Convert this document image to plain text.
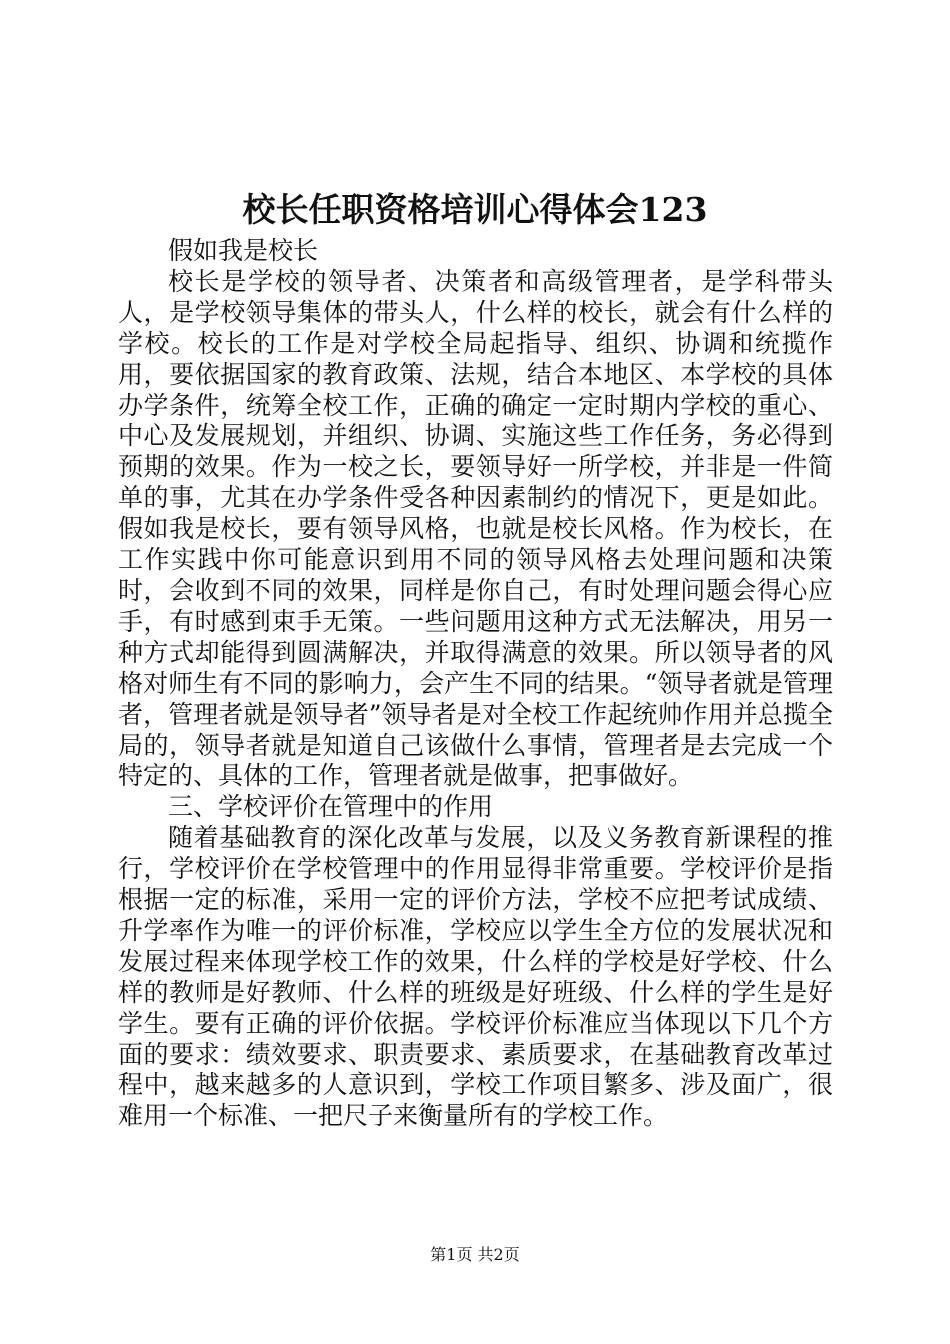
校长任职资格培训心得体会123

假如我是校长

校长是学校的领导者、决策者和高级管理者，是学科带头人，是学校领导集体的带头人，什么样的校长，就会有什么样的学校。校长的工作是对学校全局起指导、组织、协调和统揽作用，要依据国家的教育政策、法规，结合本地区、本学校的具体办学条件，统筹全校工作，正确的确定一定时期内学校的重心、中心及发展规划，并组织、协调、实施这些工作任务，务必得到预期的效果。作为一校之长，要领导好一所学校，并非是一件简单的事，尤其在办学条件受各种因素制约的情况下，更是如此。假如我是校长，要有领导风格，也就是校长风格。作为校长，在工作实践中你可能意识到用不同的领导风格去处理问题和决策时，会收到不同的效果，同样是你自己，有时处理问题会得心应手，有时感到束手无策。一些问题用这种方式无法解决，用另一种方式却能得到圆满解决，并取得满意的效果。所以领导者的风格对师生有不同的影响力，会产生不同的结果。“领导者就是管理者，管理者就是领导者”领导者是对全校工作起统帅作用并总揽全局的，领导者就是知道自己该做什么事情，管理者是去完成一个特定的、具体的工作，管理者就是做事，把事做好。

三、学校评价在管理中的作用

随着基础教育的深化改革与发展，以及义务教育新课程的推行，学校评价在学校管理中的作用显得非常重要。学校评价是指根据一定的标准，采用一定的评价方法，学校不应把考试成绩、升学率作为唯一的评价标准，学校应以学生全方位的发展状况和发展过程来体现学校工作的效果，什么样的学校是好学校、什么样的教师是好教师、什么样的班级是好班级、什么样的学生是好学生。要有正确的评价依据。学校评价标准应当体现以下几个方面的要求：绩效要求、职责要求、素质要求，在基础教育改革过程中，越来越多的人意识到，学校工作项目繁多、涉及面广，很难用一个标准、一把尺子来衡量所有的学校工作。

第1页 共2页
